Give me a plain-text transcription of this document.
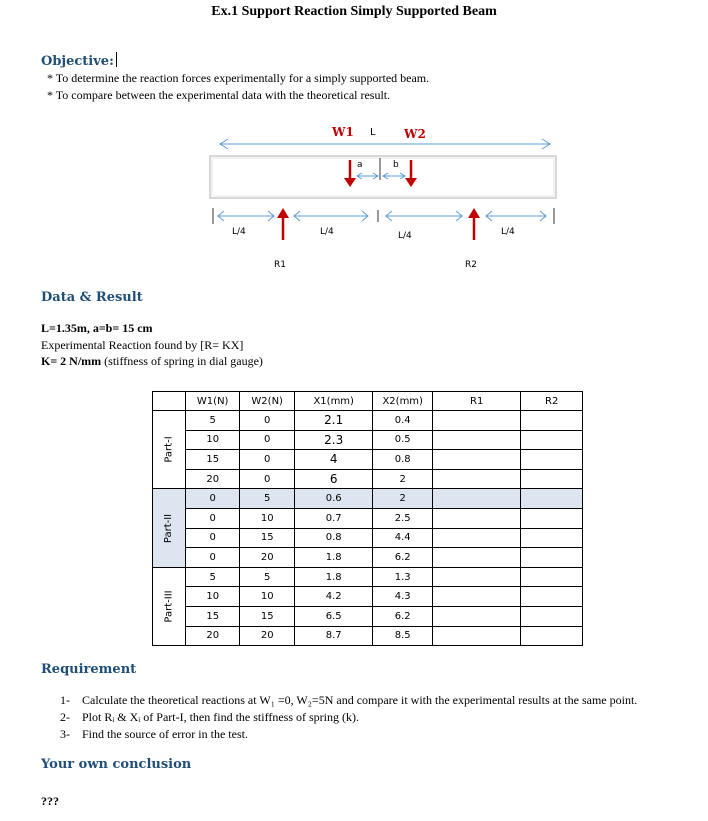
Ex.1 Support Reaction Simply Supported Beam
Objective:
* To determine the reaction forces experimentally for a simply supported beam.
* To compare between the experimental data with the theoretical result.
W1 L W2
a	b
L/4	L/4	L/4	L/4
R1	R2
Data & Result
L=1.35m, a=b= 15 cm
Experimental Reaction found by [R= KX]
K= 2 N/mm (stiffness of spring in dial gauge)
	W1(N)	W2(N)	X1(mm)	X2(mm)	R1	R2
Part-I	5	0	2.1	0.4		
	10	0	2.3	0.5		
	15	0	4	0.8		
	20	0	6	2		
Part-II	0	5	0.6	2		
	0	10	0.7	2.5		
	0	15	0.8	4.4		
	0	20	1.8	6.2		
Part-III	5	5	1.8	1.3		
	10	10	4.2	4.3		
	15	15	6.5	6.2		
	20	20	8.7	8.5		
Requirement
1- Calculate the theoretical reactions at W₁ =0, W₂=5N and compare it with the experimental results at the same point.
2- Plot Rᵢ & Xᵢ of Part-I, then find the stiffness of spring (k).
3- Find the source of error in the test.
Your own conclusion
???
